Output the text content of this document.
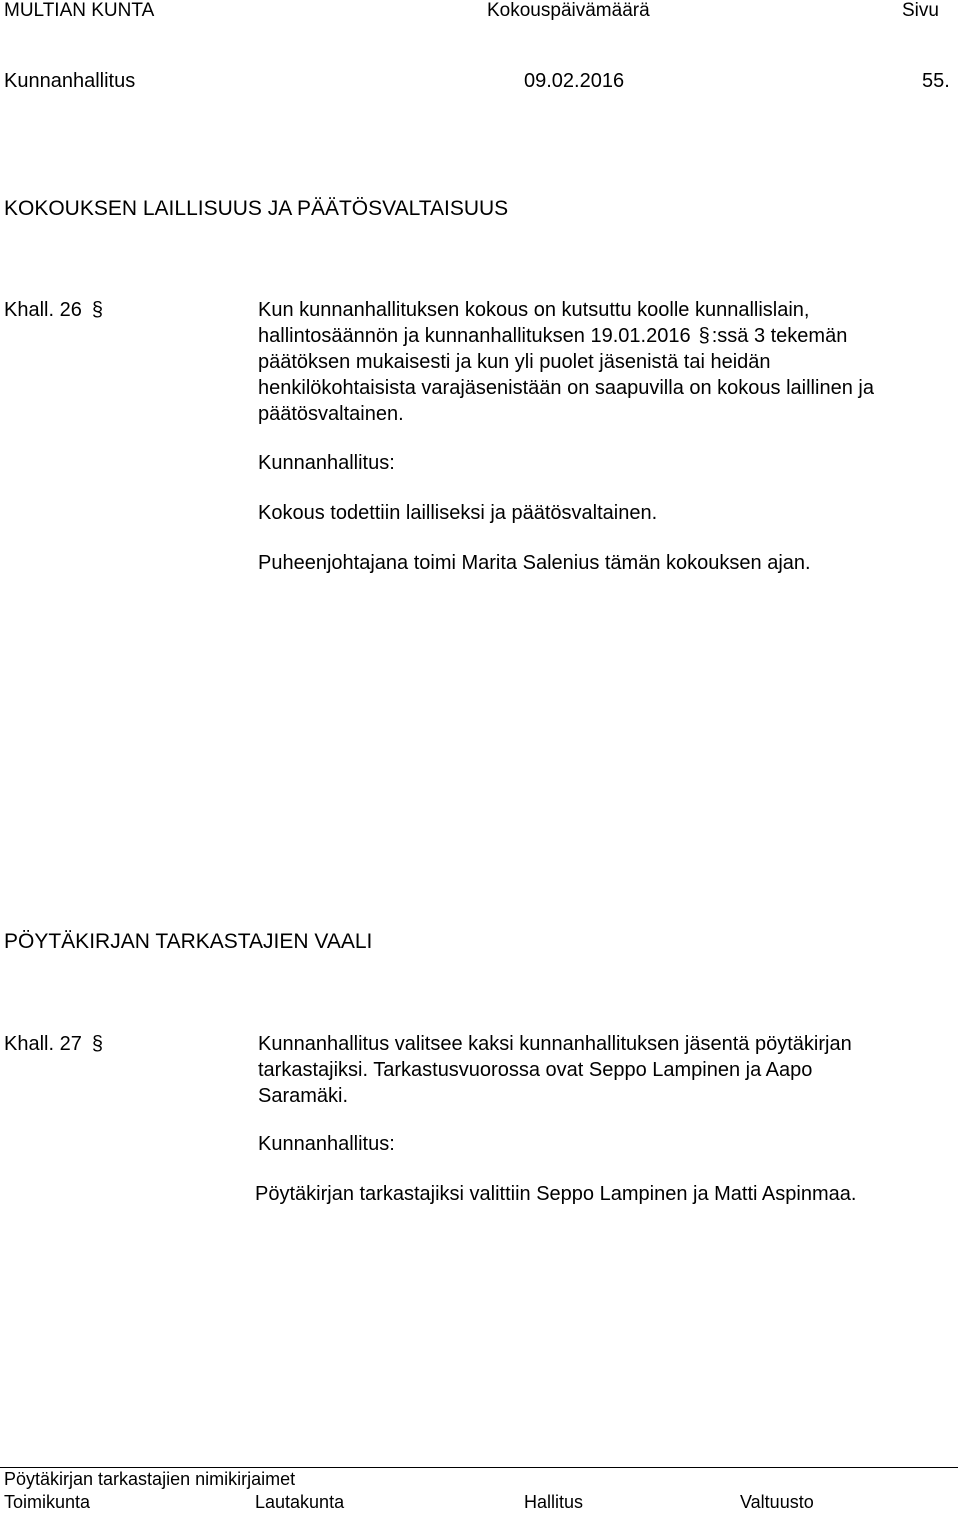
MULTIAN KUNTA	Kokouspäivämäärä	Sivu
Kunnanhallitus	09.02.2016	55.
KOKOUKSEN LAILLISUUS JA PÄÄTÖSVALTAISUUS
Khall. 26 §	Kun kunnanhallituksen kokous on kutsuttu koolle kunnallislain,
hallintosäännön ja kunnanhallituksen 19.01.2016 § :ssä 3 tekemän
päätöksen mukaisesti ja kun yli puolet jäsenistä tai heidän
henkilökohtaisista varajäsenistään on saapuvilla on kokous laillinen ja
päätösvaltainen.
Kunnanhallitus:
Kokous todettiin lailliseksi ja päätösvaltainen.
Puheenjohtajana toimi Marita Salenius tämän kokouksen ajan.
PÖYTÄKIRJAN TARKASTAJIEN VAALI
Khall. 27 §	Kunnanhallitus valitsee kaksi kunnanhallituksen jäsentä pöytäkirjan
tarkastajiksi. Tarkastusvuorossa ovat Seppo Lampinen ja Aapo
Saramäki.
Kunnanhallitus:
Pöytäkirjan tarkastajiksi valittiin Seppo Lampinen ja Matti Aspinmaa.
Pöytäkirjan tarkastajien nimikirjaimet
Toimikunta	Lautakunta	Hallitus	Valtuusto
